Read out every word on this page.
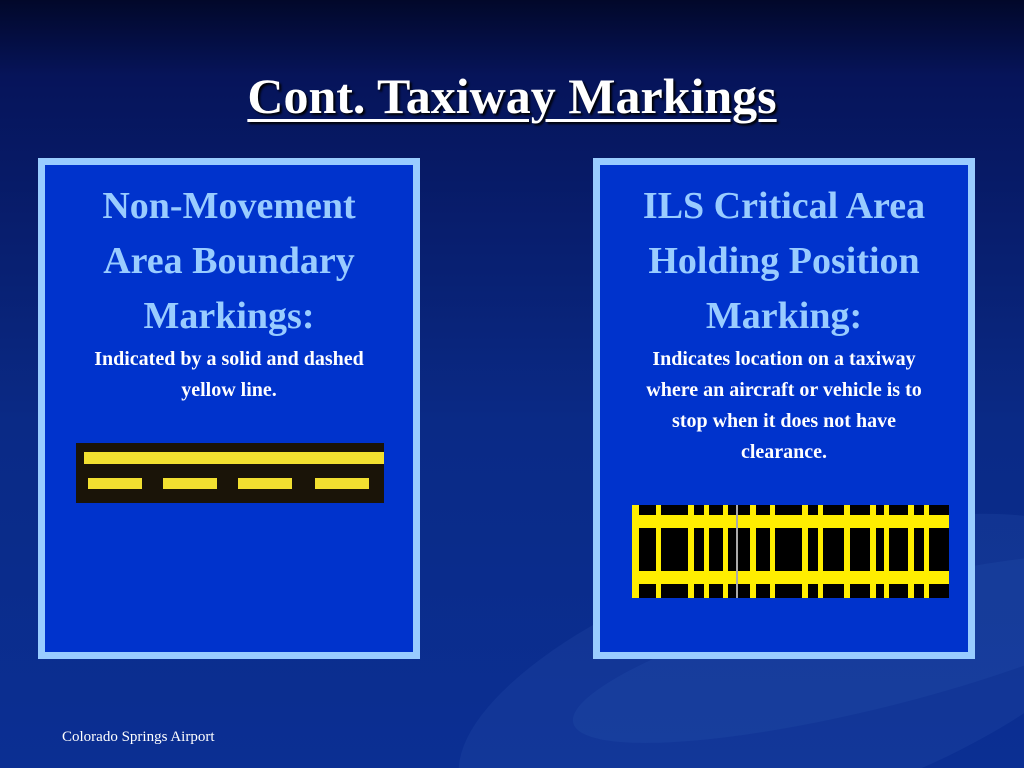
Cont. Taxiway Markings
Non-Movement
Area Boundary
Markings:
Indicated by a solid and dashed
yellow line.
ILS Critical Area
Holding Position
Marking:
Indicates location on a taxiway
where an aircraft or vehicle is to
stop when it does not have
clearance.
Colorado Springs Airport
